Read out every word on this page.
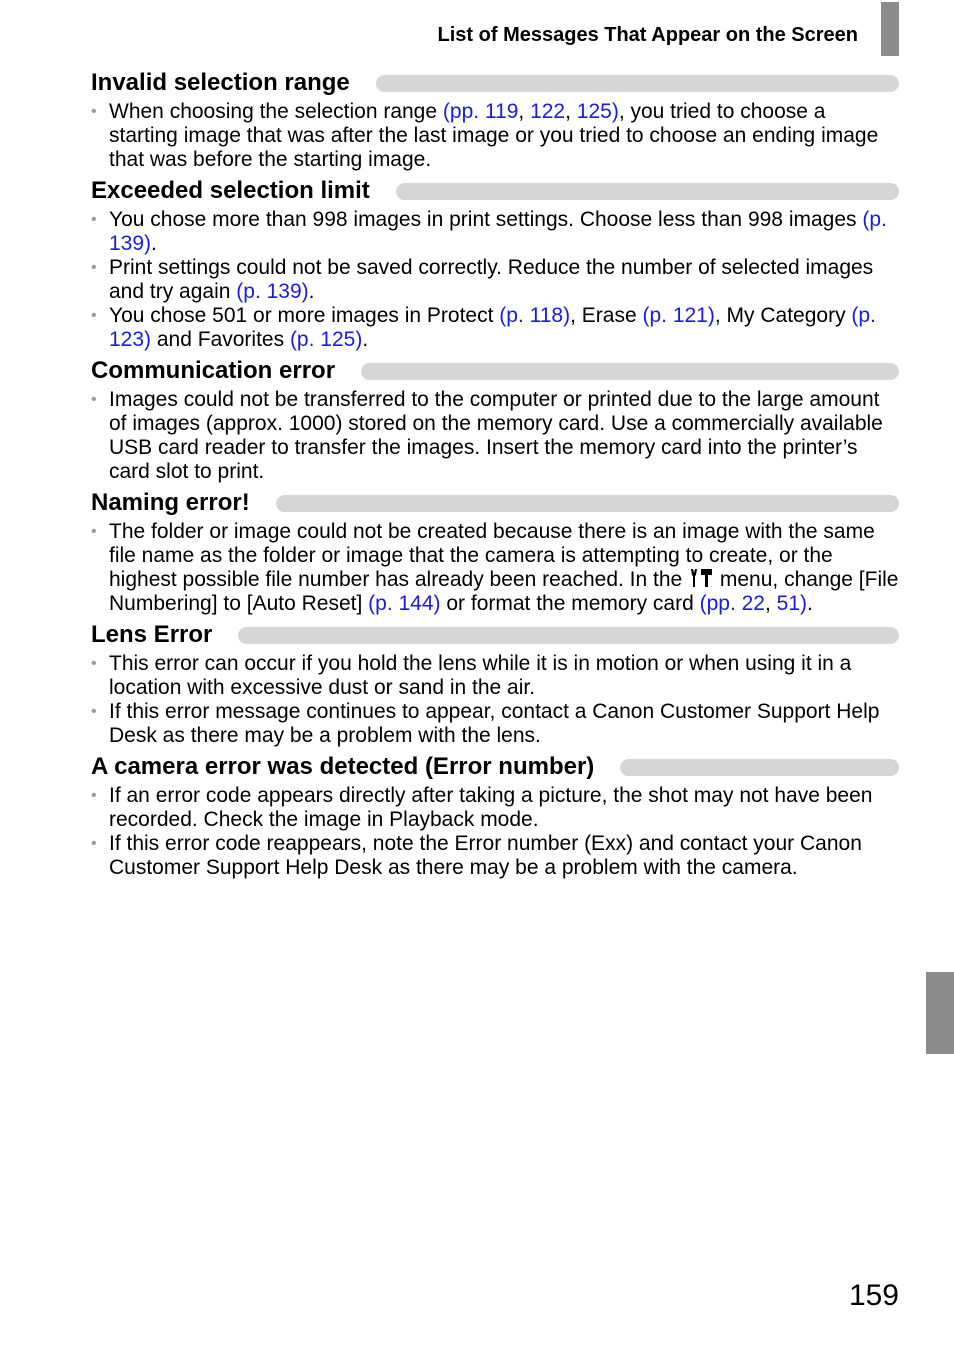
List of Messages That Appear on the Screen
Invalid selection range
• When choosing the selection range (pp. 119, 122, 125), you tried to choose a starting image that was after the last image or you tried to choose an ending image that was before the starting image.
Exceeded selection limit
• You chose more than 998 images in print settings. Choose less than 998 images (p. 139).
• Print settings could not be saved correctly. Reduce the number of selected images and try again (p. 139).
• You chose 501 or more images in Protect (p. 118), Erase (p. 121), My Category (p. 123) and Favorites (p. 125).
Communication error
• Images could not be transferred to the computer or printed due to the large amount of images (approx. 1000) stored on the memory card. Use a commercially available USB card reader to transfer the images. Insert the memory card into the printer’s card slot to print.
Naming error!
• The folder or image could not be created because there is an image with the same file name as the folder or image that the camera is attempting to create, or the highest possible file number has already been reached. In the  menu, change [File Numbering] to [Auto Reset] (p. 144) or format the memory card (pp. 22, 51).
Lens Error
• This error can occur if you hold the lens while it is in motion or when using it in a location with excessive dust or sand in the air.
• If this error message continues to appear, contact a Canon Customer Support Help Desk as there may be a problem with the lens.
A camera error was detected (Error number)
• If an error code appears directly after taking a picture, the shot may not have been recorded. Check the image in Playback mode.
• If this error code reappears, note the Error number (Exx) and contact your Canon Customer Support Help Desk as there may be a problem with the camera.
159
